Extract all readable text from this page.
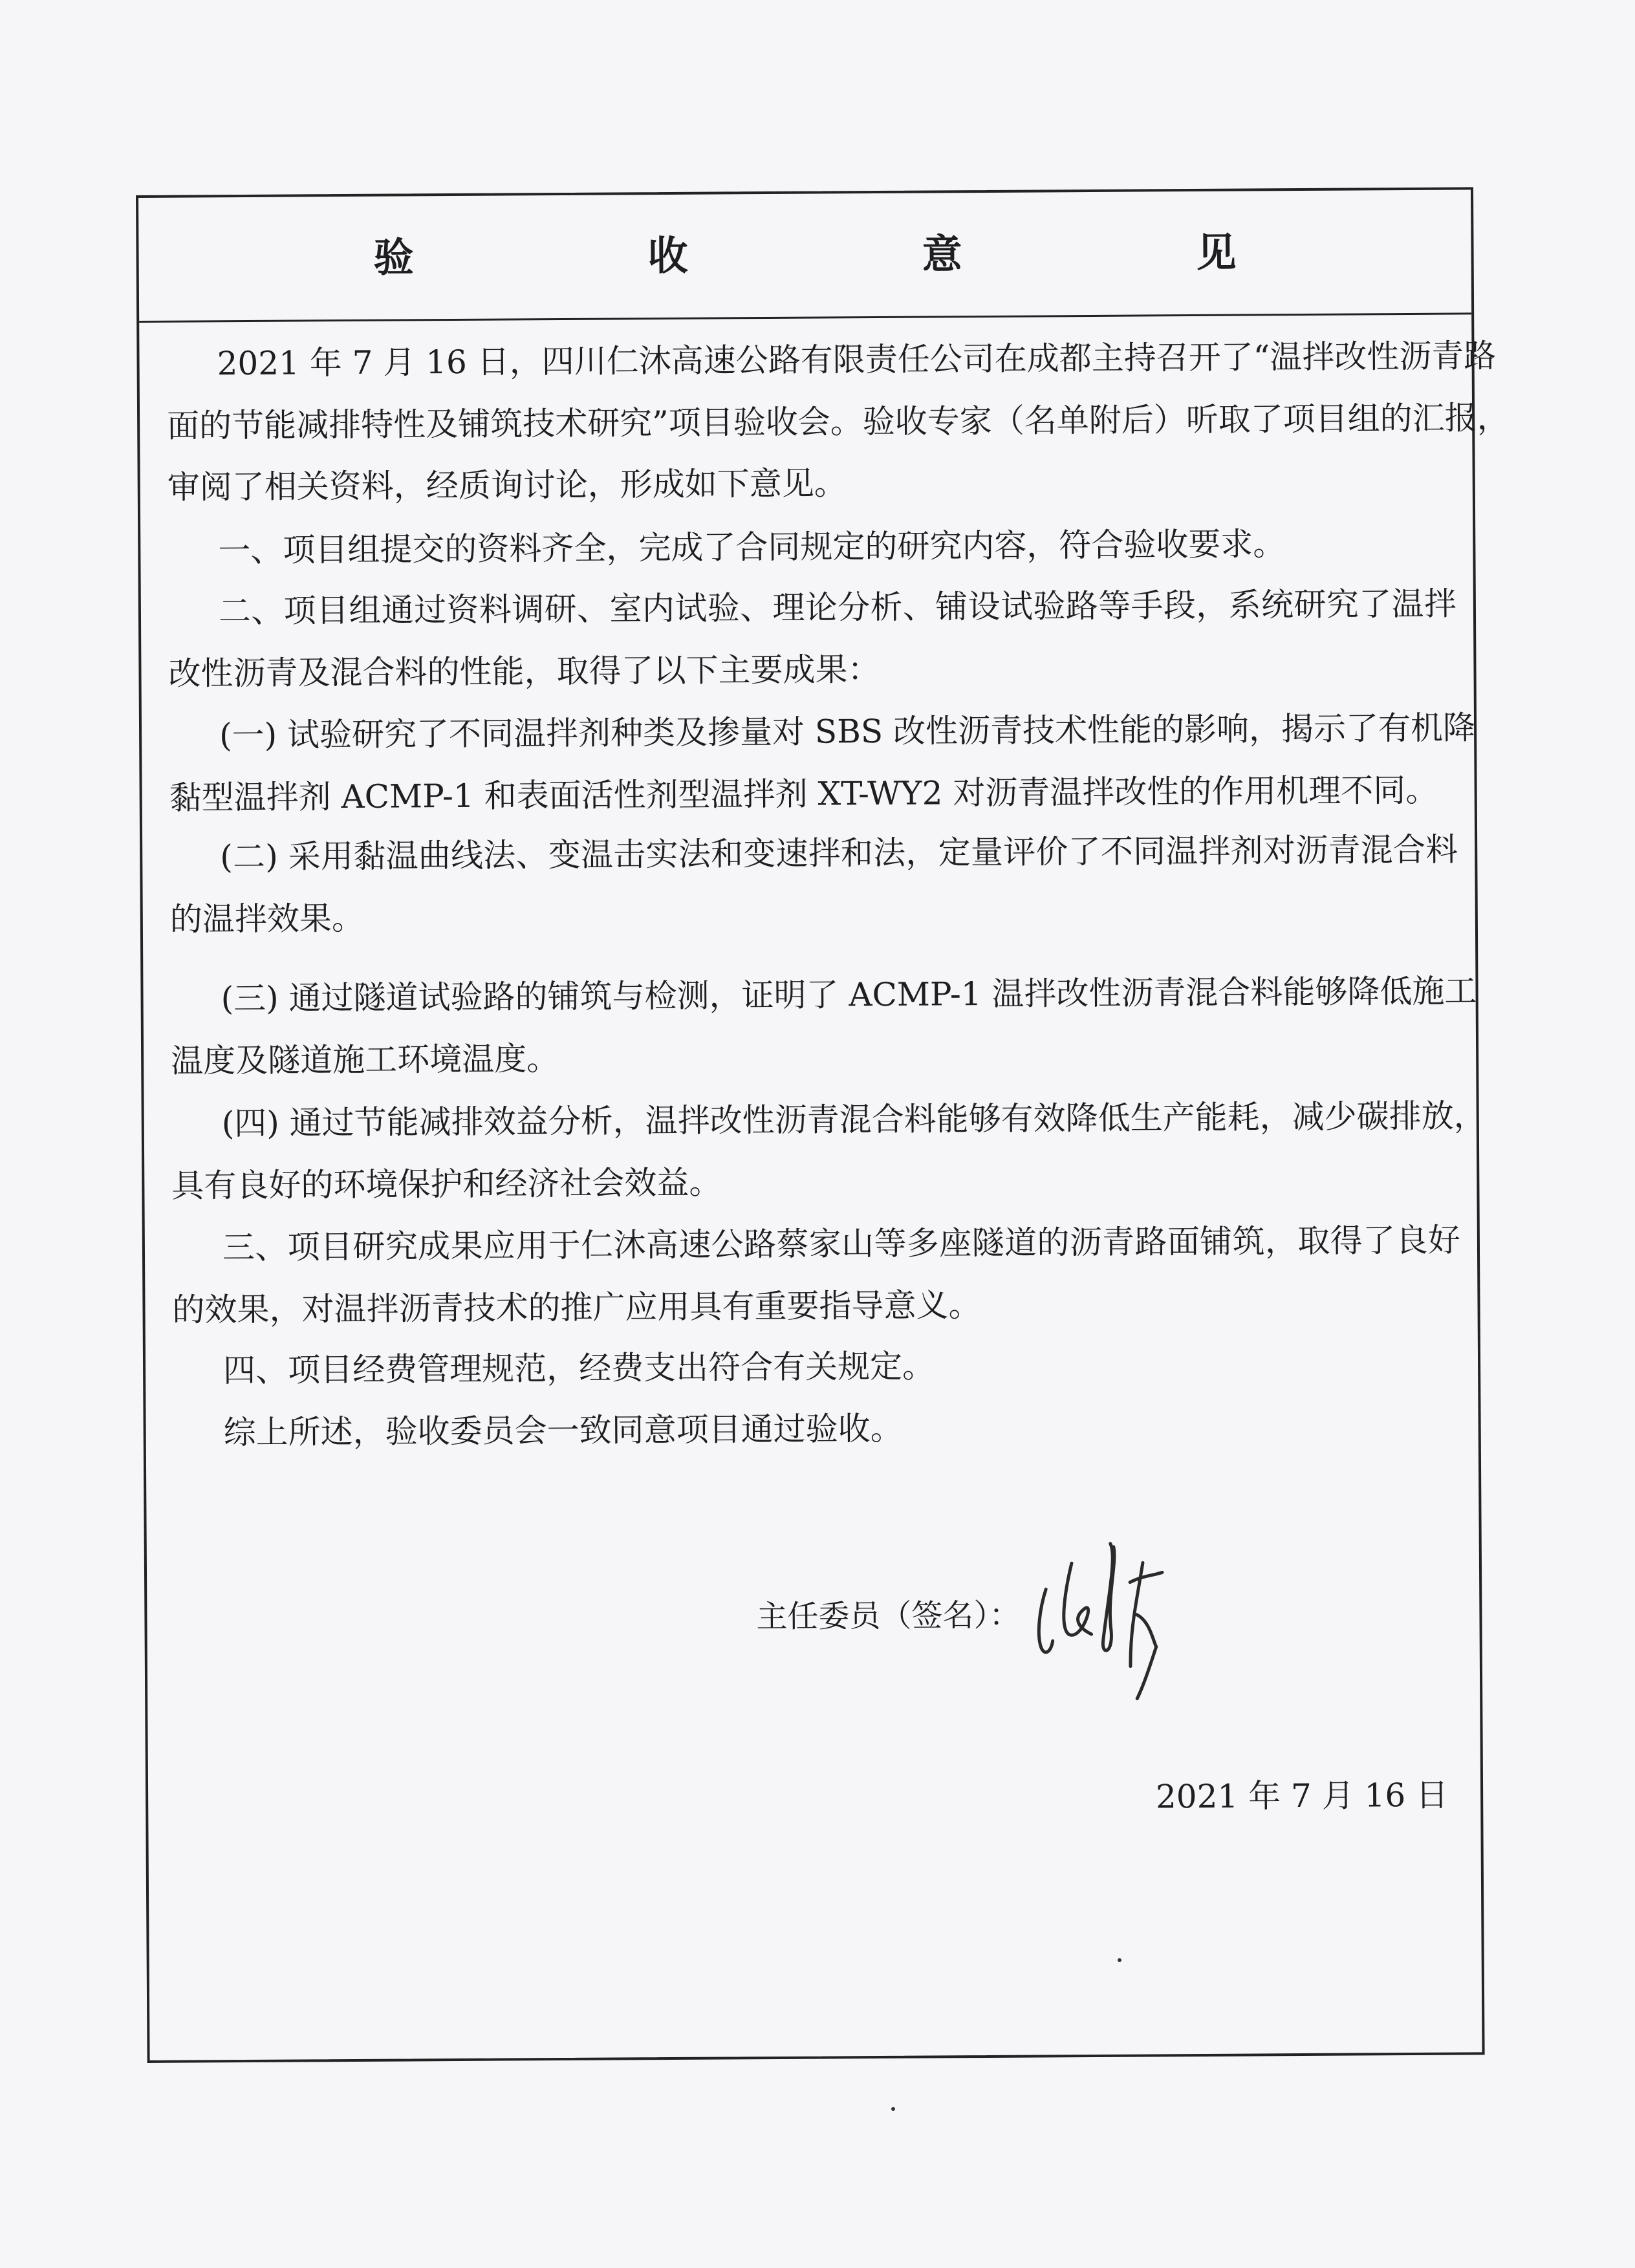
验　收　意　见
2021 年 7 月 16 日，四川仁沐高速公路有限责任公司在成都主持召开了“温拌改性沥青路
面的节能减排特性及铺筑技术研究”项目验收会。验收专家（名单附后）听取了项目组的汇报，
审阅了相关资料，经质询讨论，形成如下意见。
一、项目组提交的资料齐全，完成了合同规定的研究内容，符合验收要求。
二、项目组通过资料调研、室内试验、理论分析、铺设试验路等手段，系统研究了温拌
改性沥青及混合料的性能，取得了以下主要成果：
(一) 试验研究了不同温拌剂种类及掺量对 SBS 改性沥青技术性能的影响，揭示了有机降
黏型温拌剂 ACMP-1 和表面活性剂型温拌剂 XT-WY2 对沥青温拌改性的作用机理不同。
(二) 采用黏温曲线法、变温击实法和变速拌和法，定量评价了不同温拌剂对沥青混合料
的温拌效果。
(三) 通过隧道试验路的铺筑与检测，证明了 ACMP-1 温拌改性沥青混合料能够降低施工
温度及隧道施工环境温度。
(四) 通过节能减排效益分析，温拌改性沥青混合料能够有效降低生产能耗，减少碳排放，
具有良好的环境保护和经济社会效益。
三、项目研究成果应用于仁沐高速公路蔡家山等多座隧道的沥青路面铺筑，取得了良好
的效果，对温拌沥青技术的推广应用具有重要指导意义。
四、项目经费管理规范，经费支出符合有关规定。
综上所述，验收委员会一致同意项目通过验收。
主任委员（签名）：
2021 年 7 月 16 日
